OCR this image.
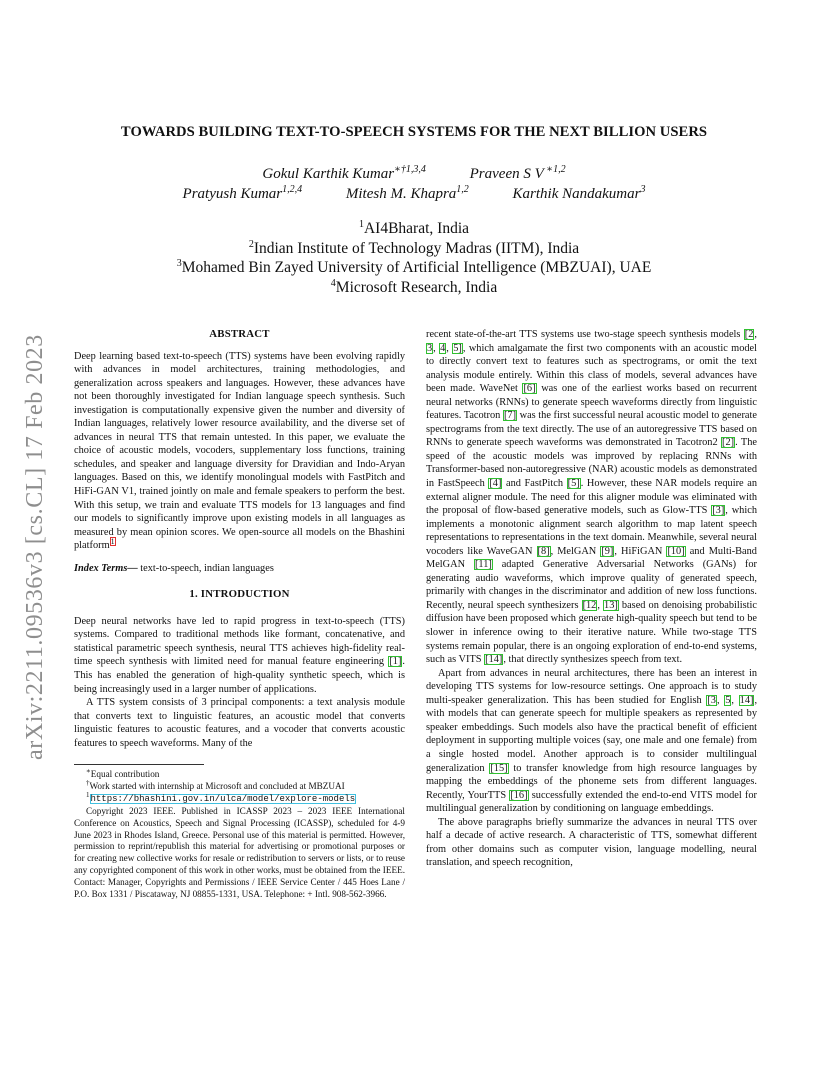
arXiv:2211.09536v3 [cs.CL] 17 Feb 2023
TOWARDS BUILDING TEXT-TO-SPEECH SYSTEMS FOR THE NEXT BILLION USERS
Gokul Karthik Kumar$^{∗\dagger 1,3,4}$	Praveen S V $^{∗1,2}$
Pratyush Kumar$^{1,2,4}$	Mitesh M. Khapra$^{1,2}$	Karthik Nandakumar$^3$
$^1$AI4Bharat, India
$^2$Indian Institute of Technology Madras (IITM), India
$^3$Mohamed Bin Zayed University of Artificial Intelligence (MBZUAI), UAE
$^4$Microsoft Research, India
ABSTRACT

Deep learning based text-to-speech (TTS) systems have been evolving rapidly with advances in model architectures, training methodologies, and generalization across speakers and languages. However, these advances have not been thoroughly investigated for Indian language speech synthesis. Such investigation is computationally expensive given the number and diversity of Indian languages, relatively lower resource availability, and the diverse set of advances in neural TTS that remain untested. In this paper, we evaluate the choice of acoustic models, vocoders, supplementary loss functions, training schedules, and speaker and language diversity for Dravidian and Indo-Aryan languages. Based on this, we identify monolingual models with FastPitch and HiFi-GAN V1, trained jointly on male and female speakers to perform the best. With this setup, we train and evaluate TTS models for 13 languages and find our models to significantly improve upon existing models in all languages as measured by mean opinion scores. We open-source all models on the Bhashini platform$^1$

Index Terms— text-to-speech, indian languages

1. INTRODUCTION

Deep neural networks have led to rapid progress in text-to-speech (TTS) systems. Compared to traditional methods like formant, concatenative, and statistical parametric speech synthesis, neural TTS achieves high-fidelity real-time speech synthesis with limited need for manual feature engineering [1]. This has enabled the generation of high-quality synthetic speech, which is being increasingly used in a larger number of applications.

A TTS system consists of 3 principal components: a text analysis module that converts text to linguistic features, an acoustic model that converts linguistic features to acoustic features, and a vocoder that converts acoustic features to speech waveforms. Many of the

∗Equal contribution

†Work started with internship at Microsoft and concluded at MBZUAI

$^1$https://bhashini.gov.in/ulca/model/explore-models

Copyright 2023 IEEE. Published in ICASSP 2023 – 2023 IEEE International Conference on Acoustics, Speech and Signal Processing (ICASSP), scheduled for 4-9 June 2023 in Rhodes Island, Greece. Personal use of this material is permitted. However, permission to reprint/republish this material for advertising or promotional purposes or for creating new collective works for resale or redistribution to servers or lists, or to reuse any copyrighted component of this work in other works, must be obtained from the IEEE. Contact: Manager, Copyrights and Permissions / IEEE Service Center / 445 Hoes Lane / P.O. Box 1331 / Piscataway, NJ 08855-1331, USA. Telephone: + Intl. 908-562-3966.

recent state-of-the-art TTS systems use two-stage speech synthesis models [2, 3, 4, 5], which amalgamate the first two components with an acoustic model to directly convert text to features such as spectrograms, or omit the text analysis module entirely. Within this class of models, several advances have been made. WaveNet [6] was one of the earliest works based on recurrent neural networks (RNNs) to generate speech waveforms directly from linguistic features. Tacotron [7] was the first successful neural acoustic model to generate spectrograms from the text directly. The use of an autoregressive TTS based on RNNs to generate speech waveforms was demonstrated in Tacotron2 [2]. The speed of the acoustic models was improved by replacing RNNs with Transformer-based non-autoregressive (NAR) acoustic models as demonstrated in FastSpeech [4] and FastPitch [5]. However, these NAR models require an external aligner module. The need for this aligner module was eliminated with the proposal of flow-based generative models, such as Glow-TTS [3], which implements a monotonic alignment search algorithm to map latent speech representations to representations in the text domain. Meanwhile, several neural vocoders like WaveGAN [8], MelGAN [9], HiFiGAN [10] and Multi-Band MelGAN [11] adapted Generative Adversarial Networks (GANs) for generating audio waveforms, which improve quality of generated speech, primarily with changes in the discriminator and addition of new loss functions. Recently, neural speech synthesizers [12, 13] based on denoising probabilistic diffusion have been proposed which generate high-quality speech but tend to be slower in inference owing to their iterative nature. While two-stage TTS systems remain popular, there is an ongoing exploration of end-to-end systems, such as VITS [14], that directly synthesizes speech from text.

Apart from advances in neural architectures, there has been an interest in developing TTS systems for low-resource settings. One approach is to study multi-speaker generalization. This has been studied for English [3, 5, 14], with models that can generate speech for multiple speakers as represented by speaker embeddings. Such models also have the practical benefit of efficient deployment in supporting multiple voices (say, one male and one female) from a single hosted model. Another approach is to consider multilingual generalization [15] to transfer knowledge from high resource languages by mapping the embeddings of the phoneme sets from different languages. Recently, YourTTS [16] successfully extended the end-to-end VITS model for multilingual generalization by conditioning on language embeddings.

The above paragraphs briefly summarize the advances in neural TTS over half a decade of active research. A characteristic of TTS, somewhat different from other domains such as computer vision, language modelling, neural translation, and speech recognition,
